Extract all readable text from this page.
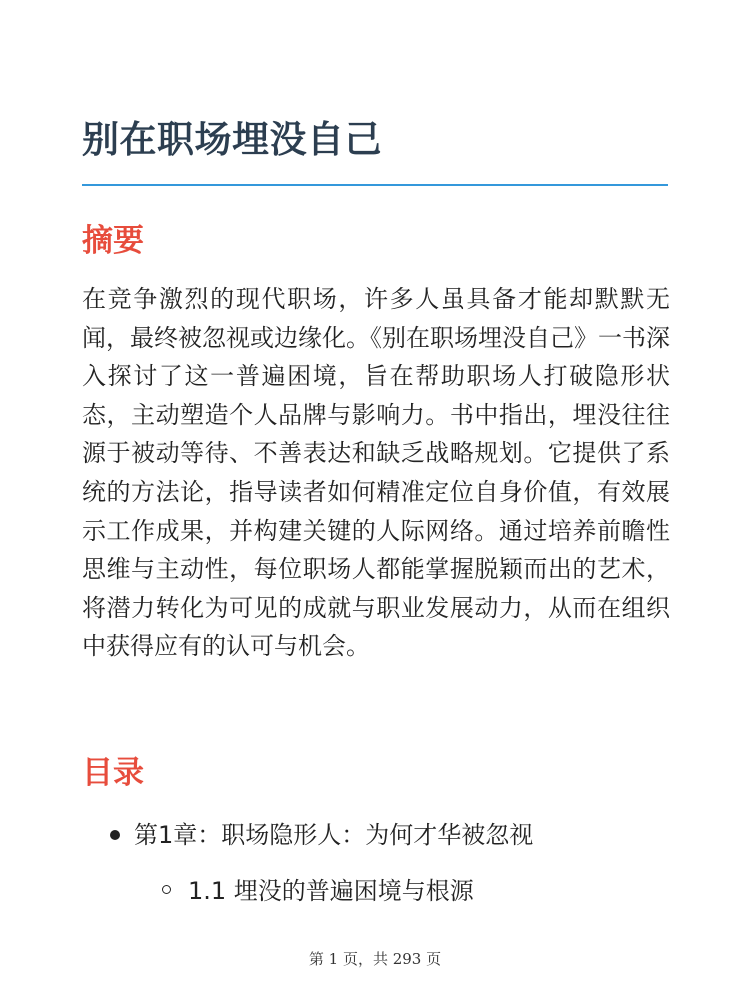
别在职场埋没自己
摘要

在竞争激烈的现代职场，许多人虽具备才能却默默无闻，最终被忽视或边缘化。《别在职场埋没自己》一书深入探讨了这一普遍困境，旨在帮助职场人打破隐形状态，主动塑造个人品牌与影响力。书中指出，埋没往往源于被动等待、不善表达和缺乏战略规划。它提供了系统的方法论，指导读者如何精准定位自身价值，有效展示工作成果，并构建关键的人际网络。通过培养前瞻性思维与主动性，每位职场人都能掌握脱颖而出的艺术，将潜力转化为可见的成就与职业发展动力，从而在组织中获得应有的认可与机会。

目录
第1章：职场隐形人：为何才华被忽视
1.1 埋没的普遍困境与根源
第 1 页，共 293 页
